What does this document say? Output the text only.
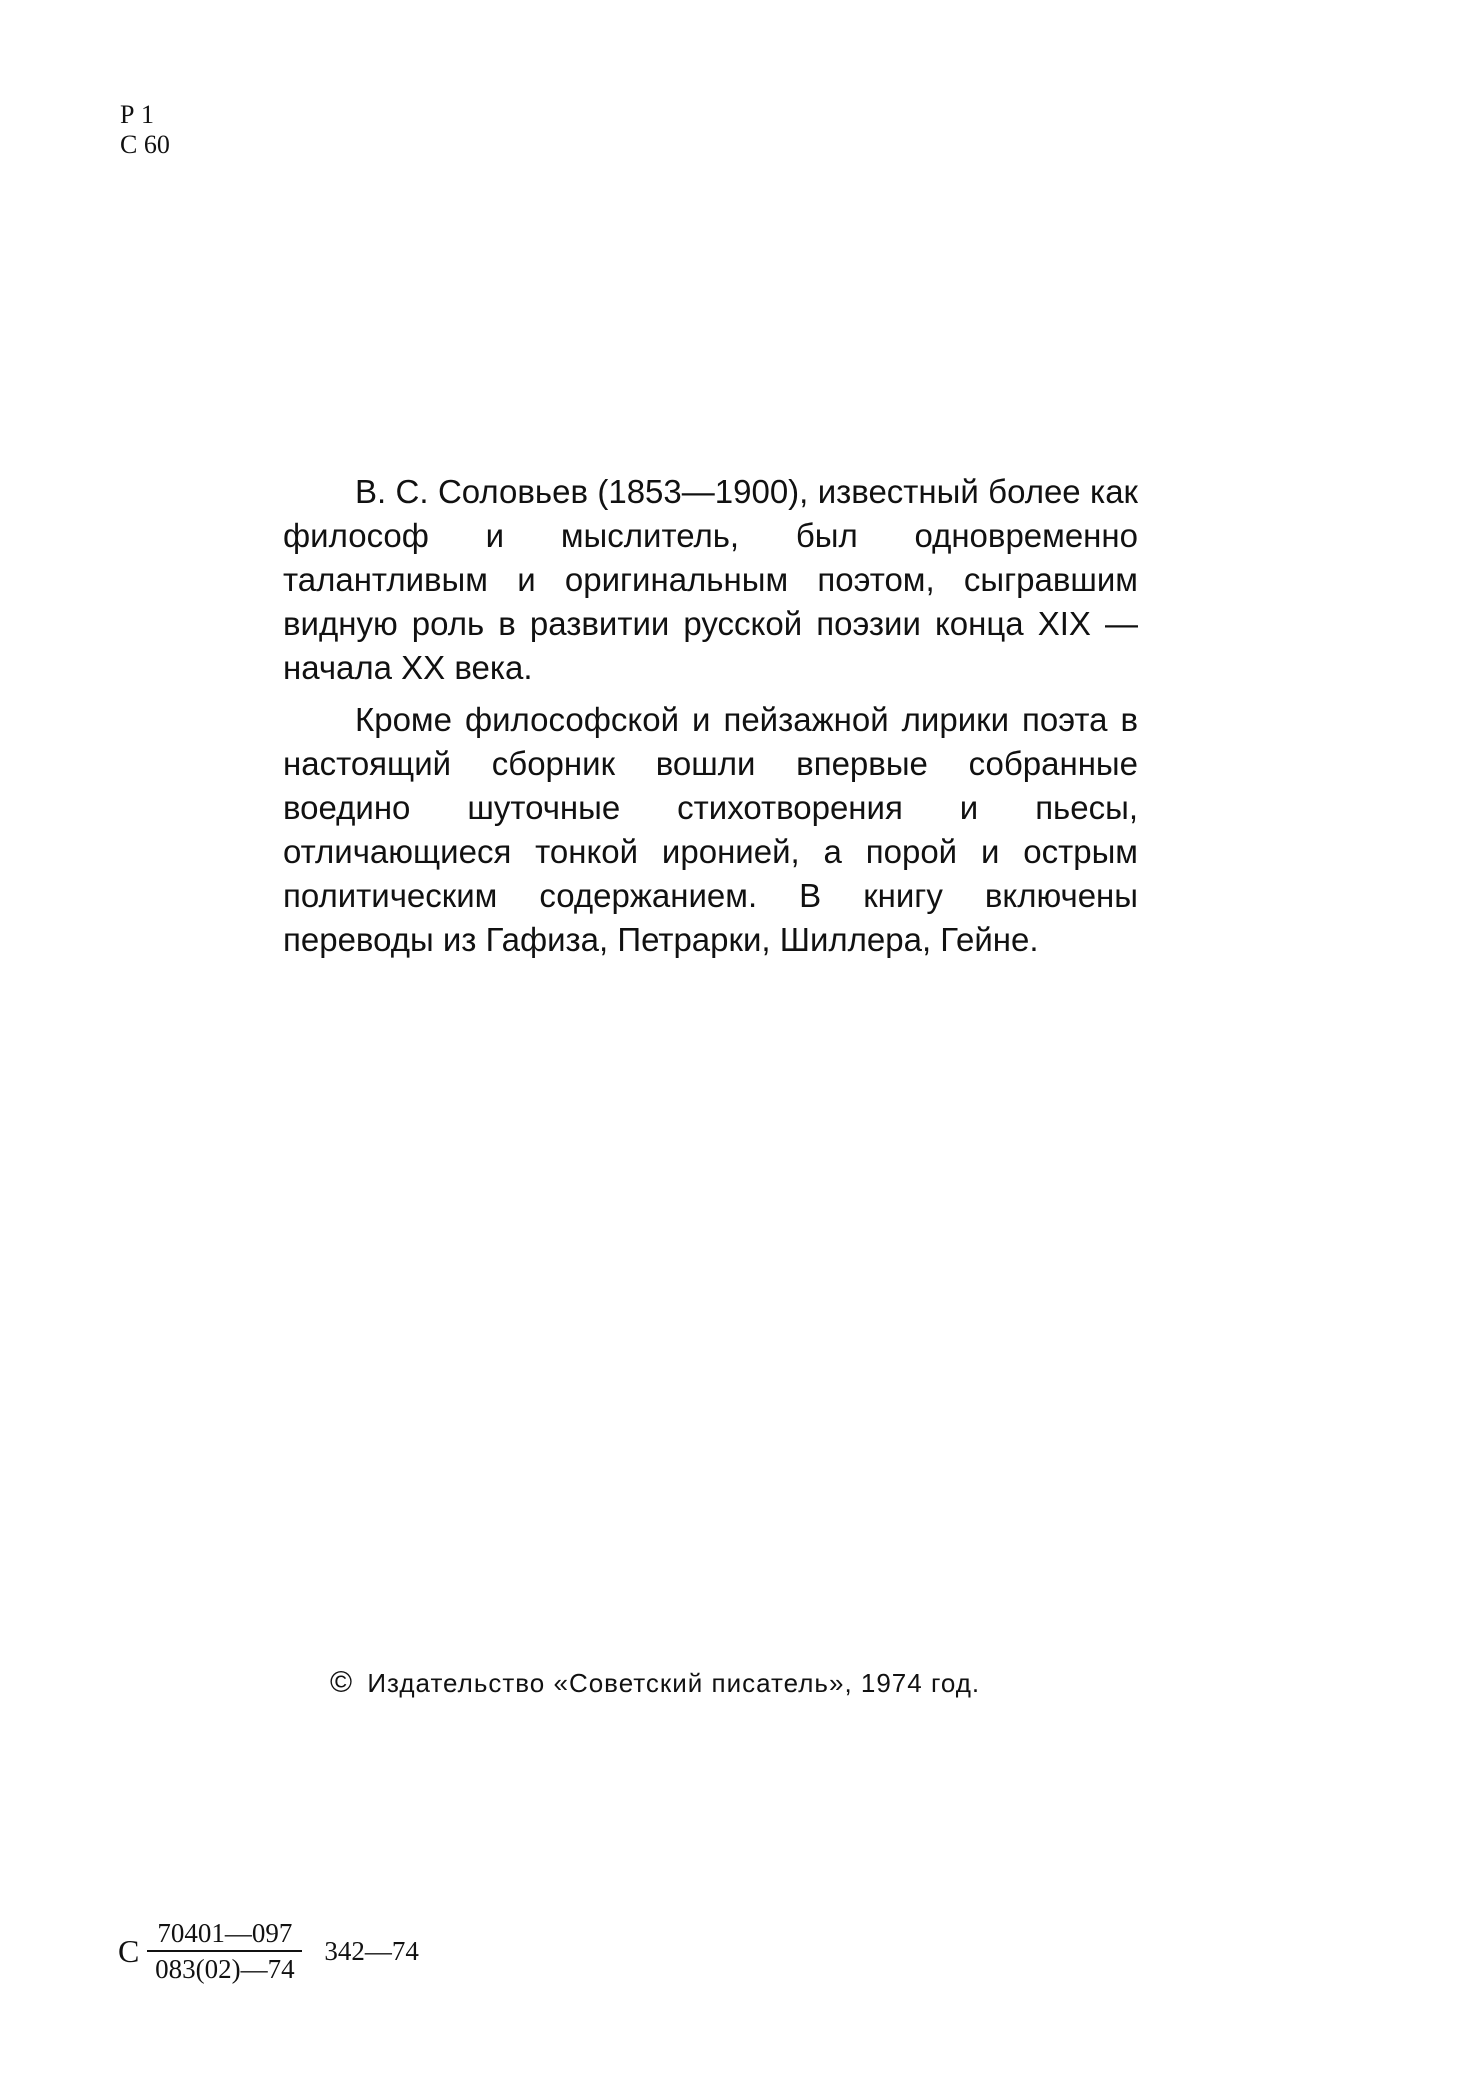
Р 1
С 60

В. С. Соловьев (1853—1900), известный более как философ и мыслитель, был одновременно талантливым и оригинальным поэтом, сыгравшим видную роль в развитии русской поэзии конца XIX — начала XX века.

Кроме философской и пейзажной лирики поэта в настоящий сборник вошли впервые собранные воедино шуточные стихотворения и пьесы, отличающиеся тонкой иронией, а порой и острым политическим содержанием. В книгу включены переводы из Гафиза, Петрарки, Шиллера, Гейне.

© Издательство «Советский писатель», 1974 год.
С $\frac{70401—097}{083(02)—74}$ 342—74
